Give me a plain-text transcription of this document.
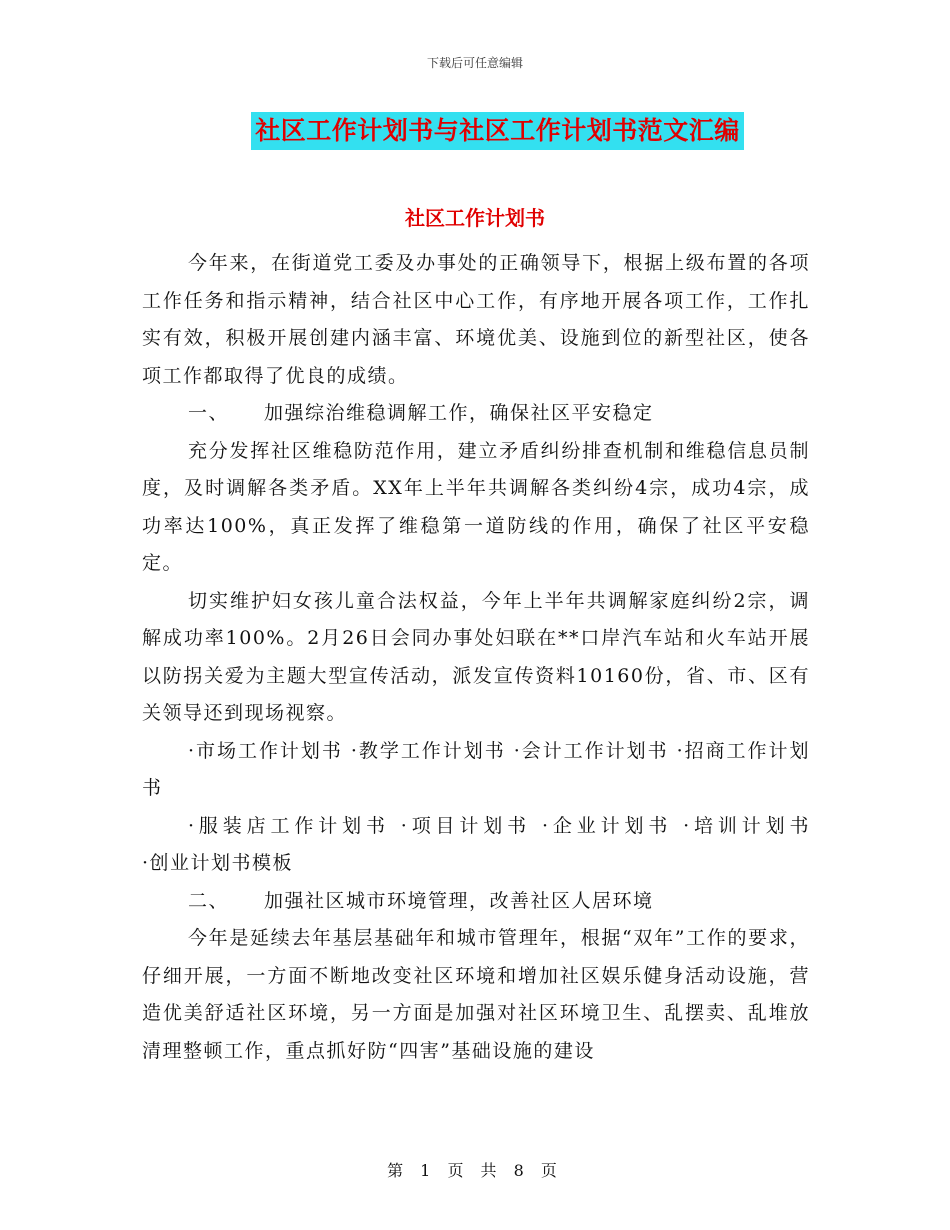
下载后可任意编辑
社区工作计划书与社区工作计划书范文汇编
社区工作计划书

今年来，在街道党工委及办事处的正确领导下，根据上级布置的各项工作任务和指示精神，结合社区中心工作，有序地开展各项工作，工作扎实有效，积极开展创建内涵丰富、环境优美、设施到位的新型社区，使各项工作都取得了优良的成绩。

一、 加强综治维稳调解工作，确保社区平安稳定

充分发挥社区维稳防范作用，建立矛盾纠纷排查机制和维稳信息员制度，及时调解各类矛盾。XX年上半年共调解各类纠纷4宗，成功4宗，成功率达100%，真正发挥了维稳第一道防线的作用，确保了社区平安稳定。

切实维护妇女孩儿童合法权益，今年上半年共调解家庭纠纷2宗，调解成功率100%。2月26日会同办事处妇联在**口岸汽车站和火车站开展以防拐关爱为主题大型宣传活动，派发宣传资料10160份，省、市、区有关领导还到现场视察。

·市场工作计划书 ·教学工作计划书 ·会计工作计划书 ·招商工作计划书

·服装店工作计划书 ·项目计划书 ·企业计划书 ·培训计划书 ·创业计划书模板

二、 加强社区城市环境管理，改善社区人居环境

今年是延续去年基层基础年和城市管理年，根据“双年”工作的要求，仔细开展，一方面不断地改变社区环境和增加社区娱乐健身活动设施，营造优美舒适社区环境，另一方面是加强对社区环境卫生、乱摆卖、乱堆放清理整顿工作，重点抓好防“四害”基础设施的建设

第 1 页 共 8 页
